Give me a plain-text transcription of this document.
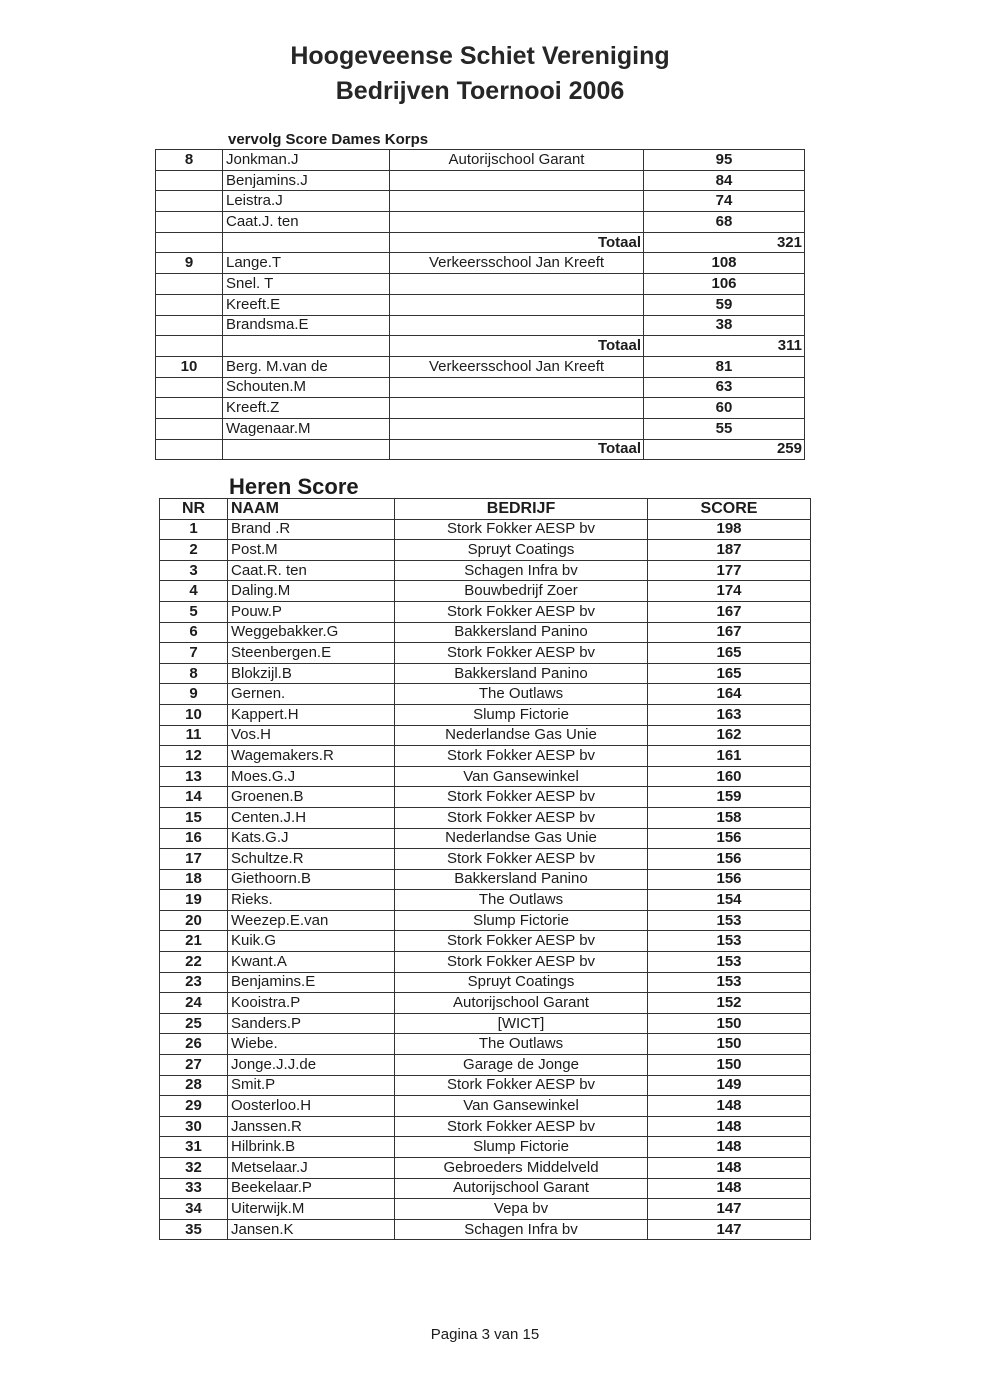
Hoogeveense Schiet Vereniging
Bedrijven Toernooi 2006
vervolg Score Dames Korps
8	Jonkman.J	Autorijschool Garant	95
	Benjamins.J		84
	Leistra.J		74
	Caat.J. ten		68
		Totaal	321
9	Lange.T	Verkeersschool Jan Kreeft	108
	Snel. T		106
	Kreeft.E		59
	Brandsma.E		38
		Totaal	311
10	Berg. M.van de	Verkeersschool Jan Kreeft	81
	Schouten.M		63
	Kreeft.Z		60
	Wagenaar.M		55
		Totaal	259
Heren Score
NR	NAAM	BEDRIJF	SCORE
1	Brand .R	Stork Fokker AESP bv	198
2	Post.M	Spruyt Coatings	187
3	Caat.R. ten	Schagen Infra bv	177
4	Daling.M	Bouwbedrijf Zoer	174
5	Pouw.P	Stork Fokker AESP bv	167
6	Weggebakker.G	Bakkersland Panino	167
7	Steenbergen.E	Stork Fokker AESP bv	165
8	Blokzijl.B	Bakkersland Panino	165
9	Gernen.	The Outlaws	164
10	Kappert.H	Slump Fictorie	163
11	Vos.H	Nederlandse Gas Unie	162
12	Wagemakers.R	Stork Fokker AESP bv	161
13	Moes.G.J	Van Gansewinkel	160
14	Groenen.B	Stork Fokker AESP bv	159
15	Centen.J.H	Stork Fokker AESP bv	158
16	Kats.G.J	Nederlandse Gas Unie	156
17	Schultze.R	Stork Fokker AESP bv	156
18	Giethoorn.B	Bakkersland Panino	156
19	Rieks.	The Outlaws	154
20	Weezep.E.van	Slump Fictorie	153
21	Kuik.G	Stork Fokker AESP bv	153
22	Kwant.A	Stork Fokker AESP bv	153
23	Benjamins.E	Spruyt Coatings	153
24	Kooistra.P	Autorijschool Garant	152
25	Sanders.P	[WICT]	150
26	Wiebe.	The Outlaws	150
27	Jonge.J.J.de	Garage de Jonge	150
28	Smit.P	Stork Fokker AESP bv	149
29	Oosterloo.H	Van Gansewinkel	148
30	Janssen.R	Stork Fokker AESP bv	148
31	Hilbrink.B	Slump Fictorie	148
32	Metselaar.J	Gebroeders Middelveld	148
33	Beekelaar.P	Autorijschool Garant	148
34	Uiterwijk.M	Vepa bv	147
35	Jansen.K	Schagen Infra bv	147
Pagina 3 van 15
